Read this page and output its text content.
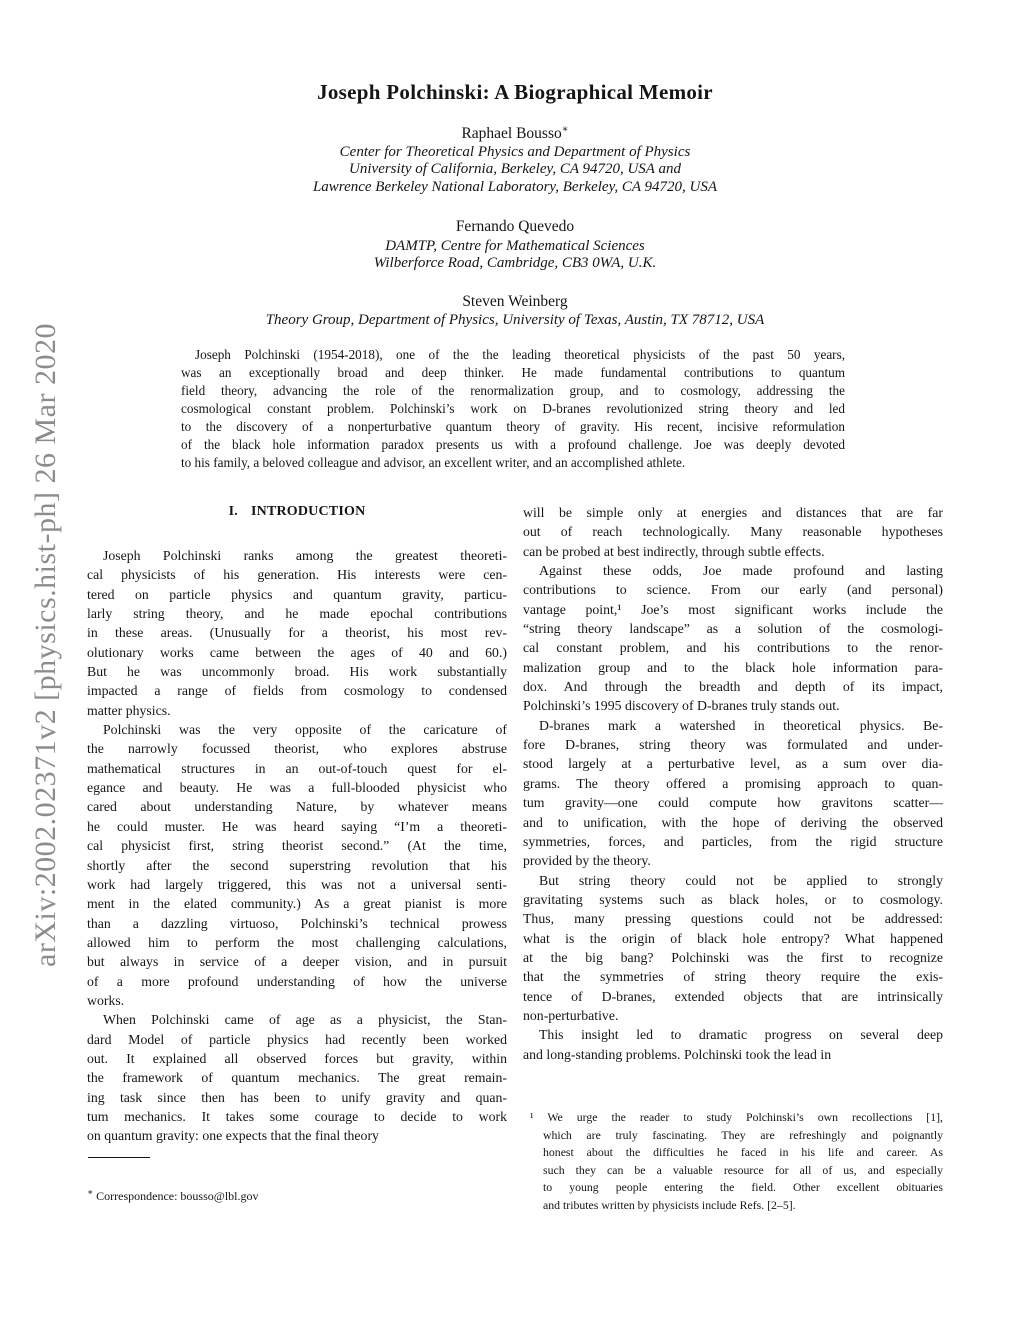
arXiv:2002.02371v2 [physics.hist-ph] 26 Mar 2020
Joseph Polchinski: A Biographical Memoir
Raphael Bousso∗
Center for Theoretical Physics and Department of Physics
University of California, Berkeley, CA 94720, USA and
Lawrence Berkeley National Laboratory, Berkeley, CA 94720, USA
Fernando Quevedo
DAMTP, Centre for Mathematical Sciences
Wilberforce Road, Cambridge, CB3 0WA, U.K.
Steven Weinberg
Theory Group, Department of Physics, University of Texas, Austin, TX 78712, USA
Joseph Polchinski (1954-2018), one of the the leading theoretical physicists of the past 50 years,
was an exceptionally broad and deep thinker. He made fundamental contributions to quantum
field theory, advancing the role of the renormalization group, and to cosmology, addressing the
cosmological constant problem. Polchinski’s work on D-branes revolutionized string theory and led
to the discovery of a nonperturbative quantum theory of gravity. His recent, incisive reformulation
of the black hole information paradox presents us with a profound challenge. Joe was deeply devoted
to his family, a beloved colleague and advisor, an excellent writer, and an accomplished athlete.
I. INTRODUCTION
Joseph Polchinski ranks among the greatest theoreti-
cal physicists of his generation. His interests were cen-
tered on particle physics and quantum gravity, particu-
larly string theory, and he made epochal contributions
in these areas. (Unusually for a theorist, his most rev-
olutionary works came between the ages of 40 and 60.)
But he was uncommonly broad. His work substantially
impacted a range of fields from cosmology to condensed
matter physics.
Polchinski was the very opposite of the caricature of
the narrowly focussed theorist, who explores abstruse
mathematical structures in an out-of-touch quest for el-
egance and beauty. He was a full-blooded physicist who
cared about understanding Nature, by whatever means
he could muster. He was heard saying “I’m a theoreti-
cal physicist first, string theorist second.” (At the time,
shortly after the second superstring revolution that his
work had largely triggered, this was not a universal senti-
ment in the elated community.) As a great pianist is more
than a dazzling virtuoso, Polchinski’s technical prowess
allowed him to perform the most challenging calculations,
but always in service of a deeper vision, and in pursuit
of a more profound understanding of how the universe
works.
When Polchinski came of age as a physicist, the Stan-
dard Model of particle physics had recently been worked
out. It explained all observed forces but gravity, within
the framework of quantum mechanics. The great remain-
ing task since then has been to unify gravity and quan-
tum mechanics. It takes some courage to decide to work
on quantum gravity: one expects that the final theory
will be simple only at energies and distances that are far
out of reach technologically. Many reasonable hypotheses
can be probed at best indirectly, through subtle effects.
Against these odds, Joe made profound and lasting
contributions to science. From our early (and personal)
vantage point,¹ Joe’s most significant works include the
“string theory landscape” as a solution of the cosmologi-
cal constant problem, and his contributions to the renor-
malization group and to the black hole information para-
dox. And through the breadth and depth of its impact,
Polchinski’s 1995 discovery of D-branes truly stands out.
D-branes mark a watershed in theoretical physics. Be-
fore D-branes, string theory was formulated and under-
stood largely at a perturbative level, as a sum over dia-
grams. The theory offered a promising approach to quan-
tum gravity—one could compute how gravitons scatter—
and to unification, with the hope of deriving the observed
symmetries, forces, and particles, from the rigid structure
provided by the theory.
But string theory could not be applied to strongly
gravitating systems such as black holes, or to cosmology.
Thus, many pressing questions could not be addressed:
what is the origin of black hole entropy? What happened
at the big bang? Polchinski was the first to recognize
that the symmetries of string theory require the exis-
tence of D-branes, extended objects that are intrinsically
non-perturbative.
This insight led to dramatic progress on several deep
and long-standing problems. Polchinski took the lead in
∗ Correspondence: bousso@lbl.gov
¹ We urge the reader to study Polchinski’s own recollections [1],
which are truly fascinating. They are refreshingly and poignantly
honest about the difficulties he faced in his life and career. As
such they can be a valuable resource for all of us, and especially
to young people entering the field. Other excellent obituaries
and tributes written by physicists include Refs. [2–5].
